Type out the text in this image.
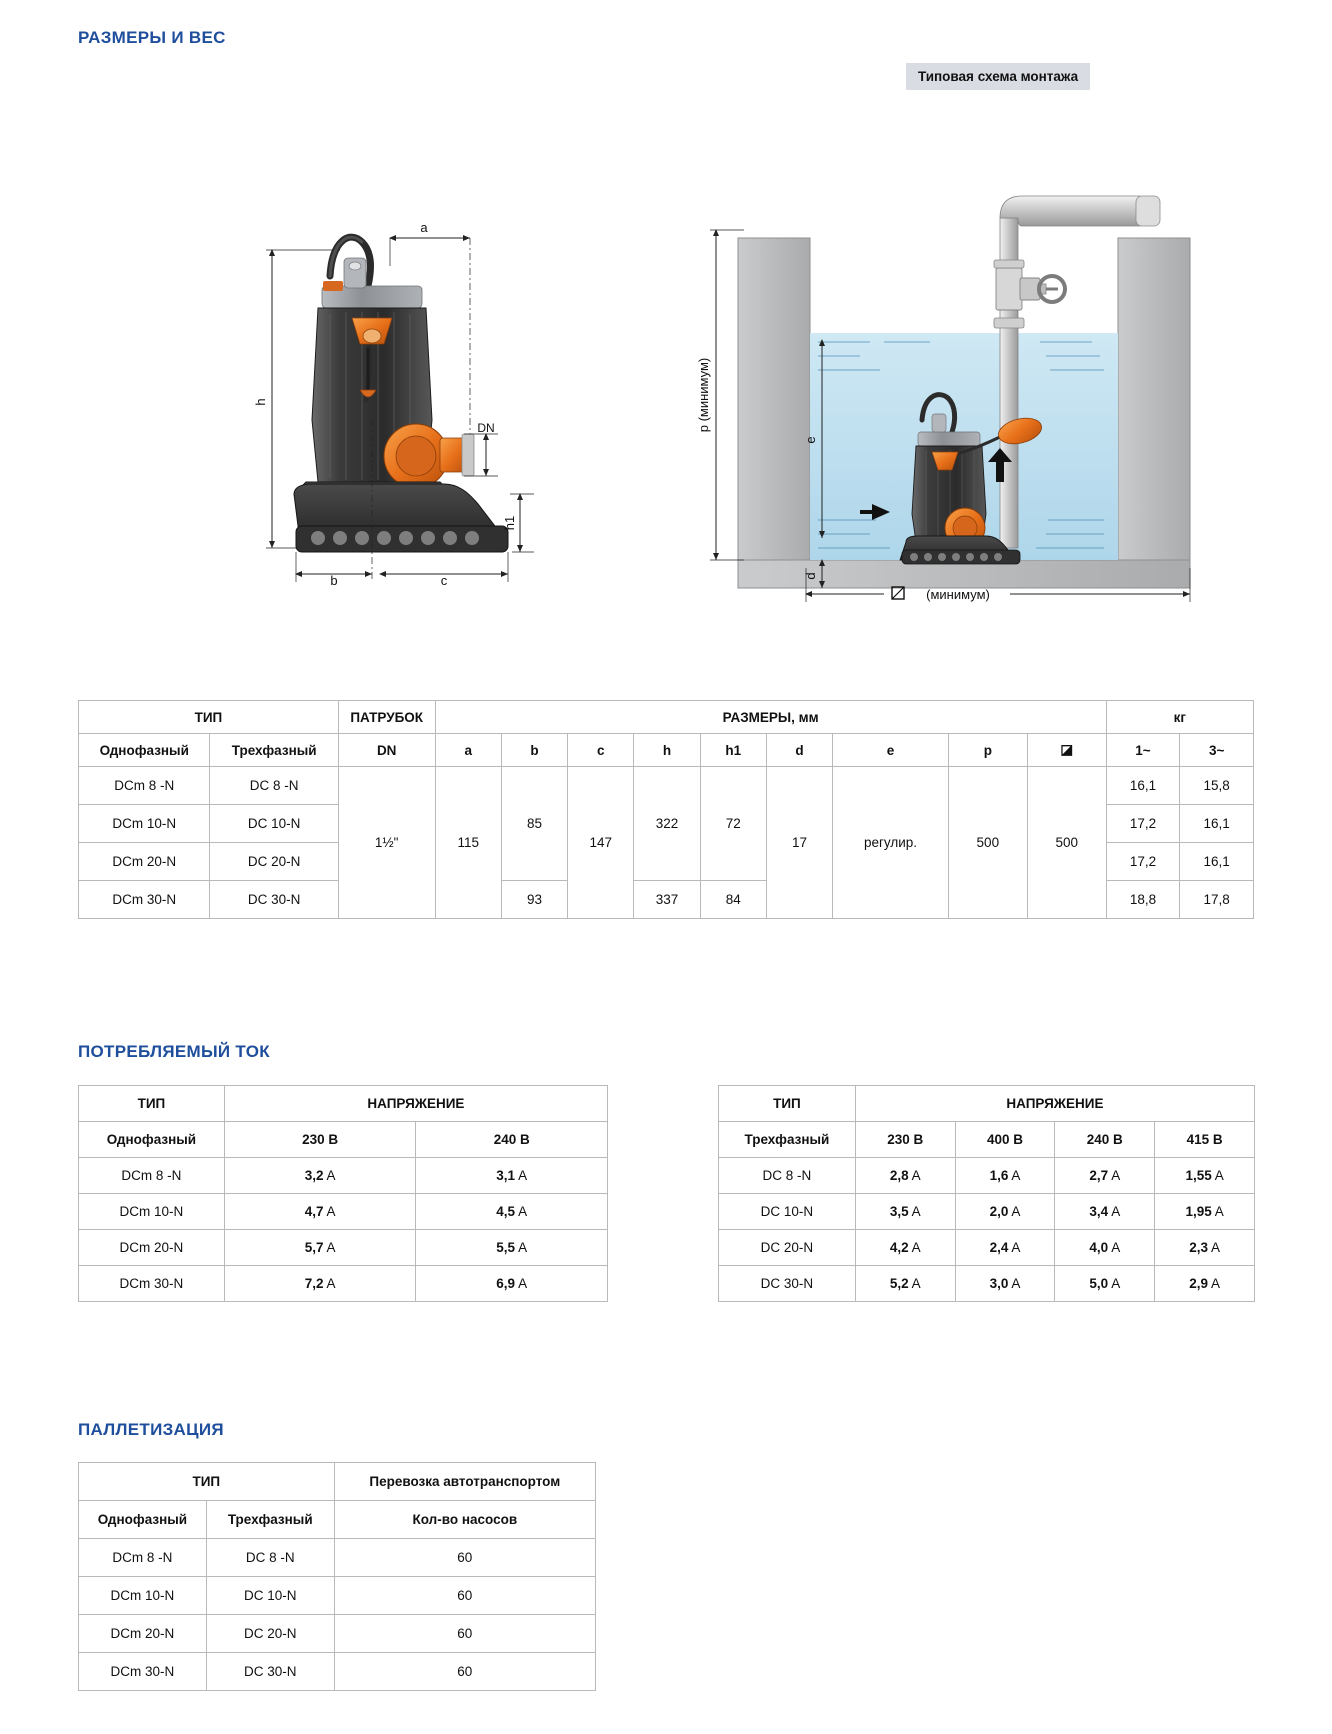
РАЗМЕРЫ И ВЕС
Типовая схема монтажа
a
h
DN
h1
b	c
p (минимум)
e
d
(минимум)
ТИП		ПАТРУБОК	РАЗМЕРЫ, мм									кг	
Однофазный	Трехфазный	DN	a	b	c	h	h1	d	e	p	◪	1~	3~
DCm 8 -N	DC 8 -N	1½"	115	85	147	322	72	17	регулир.	500	500	16,1	15,8
DCm 10-N	DC 10-N											17,2	16,1
DCm 20-N	DC 20-N											17,2	16,1
DCm 30-N	DC 30-N			93		337	84					18,8	17,8
ПОТРЕБЛЯЕМЫЙ ТОК
ТИП	НАПРЯЖЕНИЕ	
Однофазный	230 В	240 В
DCm 8 -N	3,2 A	3,1 A
DCm 10-N	4,7 A	4,5 A
DCm 20-N	5,7 A	5,5 A
DCm 30-N	7,2 A	6,9 A
ТИП	НАПРЯЖЕНИЕ			
Трехфазный	230 В	400 В	240 В	415 В
DC 8 -N	2,8 A	1,6 A	2,7 A	1,55 A
DC 10-N	3,5 A	2,0 A	3,4 A	1,95 A
DC 20-N	4,2 A	2,4 A	4,0 A	2,3 A
DC 30-N	5,2 A	3,0 A	5,0 A	2,9 A
ПАЛЛЕТИЗАЦИЯ
ТИП		Перевозка автотранспортом
Однофазный	Трехфазный	Кол-во насосов
DCm 8 -N	DC 8 -N	60
DCm 10-N	DC 10-N	60
DCm 20-N	DC 20-N	60
DCm 30-N	DC 30-N	60
